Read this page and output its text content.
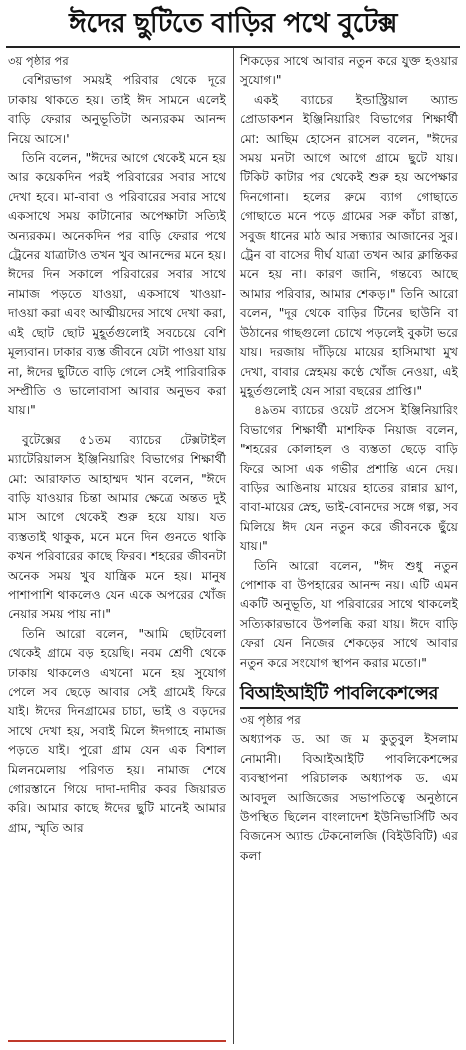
ঈদের ছুটিতে বাড়ির পথে বুটেক্স

৩য় পৃষ্ঠার পর

বেশিরভাগ সময়ই পরিবার থেকে দূরে ঢাকায় থাকতে হয়। তাই ঈদ সামনে এলেই বাড়ি ফেরার অনুভূতিটা অন্যরকম আনন্দ নিয়ে আসে।'

তিনি বলেন, "ঈদের আগে থেকেই মনে হয় আর কয়েকদিন পরই পরিবারের সবার সাথে দেখা হবে। মা-বাবা ও পরিবারের সবার সাথে একসাথে সময় কাটানোর অপেক্ষাটা সত্যিই অন্যরকম। অনেকদিন পর বাড়ি ফেরার পথে ট্রেনের যাত্রাটাও তখন খুব আনন্দের মনে হয়। ঈদের দিন সকালে পরিবারের সবার সাথে নামাজ পড়তে যাওয়া, একসাথে খাওয়া-দাওয়া করা এবং আত্মীয়দের সাথে দেখা করা, এই ছোট ছোট মুহূর্তগুলোই সবচেয়ে বেশি মূল্যবান। ঢাকার ব্যস্ত জীবনে যেটা পাওয়া যায় না, ঈদের ছুটিতে বাড়ি গেলে সেই পারিবারিক সম্প্রীতি ও ভালোবাসা আবার অনুভব করা যায়।"

বুটেক্সের ৫১তম ব্যাচের টেক্সটাইল ম্যাটেরিয়ালস ইঞ্জিনিয়ারিং বিভাগের শিক্ষার্থী মো: আরাফাত আহাম্মদ খান বলেন, "ঈদে বাড়ি যাওয়ার চিন্তা আমার ক্ষেত্রে অন্তত দুই মাস আগে থেকেই শুরু হয়ে যায়। যত ব্যস্ততাই থাকুক, মনে মনে দিন গুনতে থাকি কখন পরিবারের কাছে ফিরব। শহরের জীবনটা অনেক সময় খুব যান্ত্রিক মনে হয়। মানুষ পাশাপাশি থাকলেও যেন একে অপরের খোঁজ নেয়ার সময় পায় না।"

তিনি আরো বলেন, "আমি ছোটবেলা থেকেই গ্রামে বড় হয়েছি। নবম শ্রেণী থেকে ঢাকায় থাকলেও এখনো মনে হয় সুযোগ পেলে সব ছেড়ে আবার সেই গ্রামেই ফিরে যাই। ঈদের দিনগ্রামের চাচা, ভাই ও বড়দের সাথে দেখা হয়, সবাই মিলে ঈদগাহে নামাজ পড়তে যাই। পুরো গ্রাম যেন এক বিশাল মিলনমেলায় পরিণত হয়। নামাজ শেষে গোরস্তানে গিয়ে দাদা-দাদীর কবর জিয়ারত করি। আমার কাছে ঈদের ছুটি মানেই আমার গ্রাম, স্মৃতি আর

শিকড়ের সাথে আবার নতুন করে যুক্ত হওয়ার সুযোগ।"

একই ব্যাচের ইন্ডাস্ট্রিয়াল অ্যান্ড প্রোডাকশন ইঞ্জিনিয়ারিং বিভাগের শিক্ষার্থী মো: আছিম হোসেন রাসেল বলেন, "ঈদের সময় মনটা আগে আগে গ্রামে ছুটে যায়। টিকিট কাটার পর থেকেই শুরু হয় অপেক্ষার দিনগোনা। হলের রুমে ব্যাগ গোছাতে গোছাতে মনে পড়ে গ্রামের সরু কাঁচা রাস্তা, সবুজ ধানের মাঠ আর সন্ধ্যার আজানের সুর। ট্রেন বা বাসের দীর্ঘ যাত্রা তখন আর ক্লান্তিকর মনে হয় না। কারণ জানি, গন্তব্যে আছে আমার পরিবার, আমার শেকড়।" তিনি আরো বলেন, "দূর থেকে বাড়ির টিনের ছাউনি বা উঠানের গাছগুলো চোখে পড়লেই বুকটা ভরে যায়। দরজায় দাঁড়িয়ে মায়ের হাসিমাখা মুখ দেখা, বাবার স্নেহময় কণ্ঠে খোঁজ নেওয়া, এই মুহূর্তগুলোই যেন সারা বছরের প্রাপ্তি।"

৪৯তম ব্যাচের ওয়েট প্রসেস ইঞ্জিনিয়ারিং বিভাগের শিক্ষার্থী মাশফিক নিয়াজ বলেন, "শহরের কোলাহল ও ব্যস্ততা ছেড়ে বাড়ি ফিরে আসা এক গভীর প্রশান্তি এনে দেয়। বাড়ির আঙিনায় মায়ের হাতের রান্নার ঘ্রাণ, বাবা-মায়ের স্নেহ, ভাই-বোনদের সঙ্গে গল্প, সব মিলিয়ে ঈদ যেন নতুন করে জীবনকে ছুঁয়ে যায়।"

তিনি আরো বলেন, "ঈদ শুধু নতুন পোশাক বা উপহারের আনন্দ নয়। এটি এমন একটি অনুভূতি, যা পরিবারের সাথে থাকলেই সত্যিকারভাবে উপলব্ধি করা যায়। ঈদে বাড়ি ফেরা যেন নিজের শেকড়ের সাথে আবার নতুন করে সংযোগ স্থাপন করার মতো।"

বিআইআইটি পাবলিকেশন্সের

৩য় পৃষ্ঠার পর

অধ্যাপক ড. আ জ ম কুতুবুল ইসলাম নোমানী। বিআইআইটি পাবলিকেশন্সের ব্যবস্থাপনা পরিচালক অধ্যাপক ড. এম আবদুল আজিজের সভাপতিত্বে অনুষ্ঠানে উপস্থিত ছিলেন বাংলাদেশ ইউনিভার্সিটি অব বিজনেস অ্যান্ড টেকনোলজি (বিইউবিটি) এর কলা
